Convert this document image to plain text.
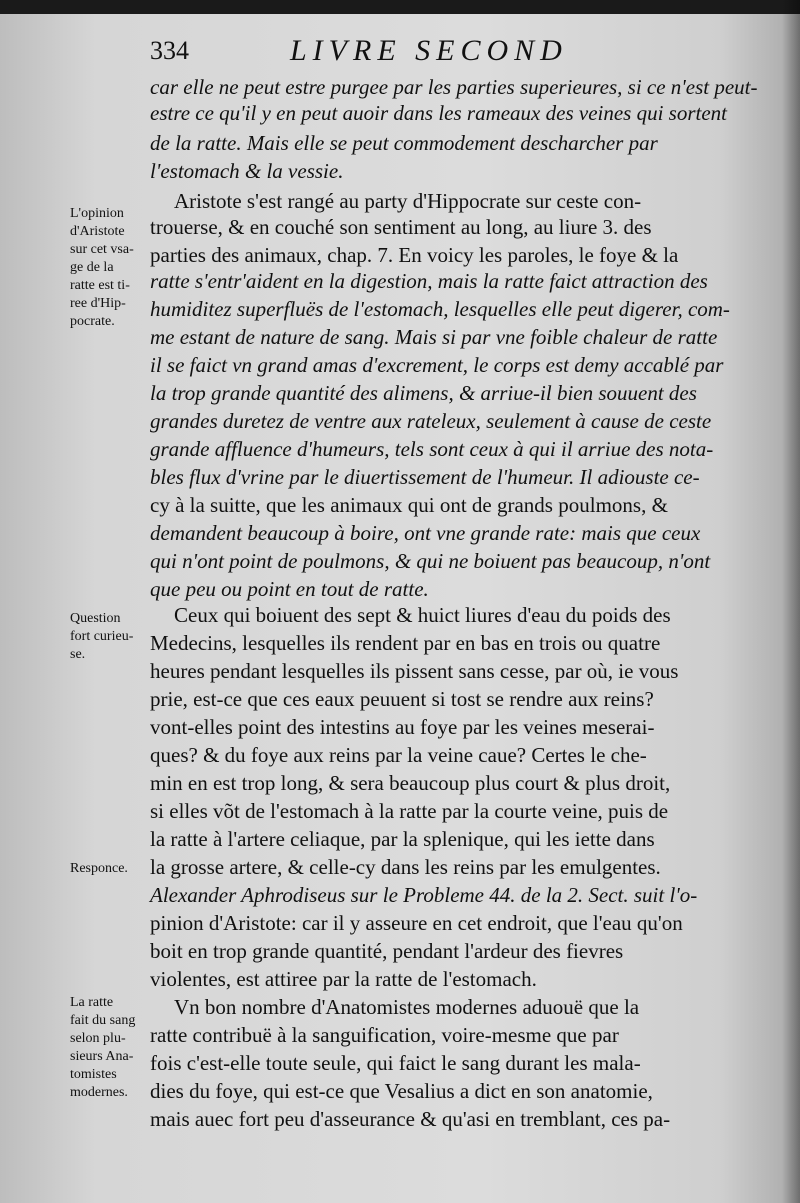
334	LIVRE SECOND
car elle ne peut estre purgee par les parties superieures, si ce n'est peut-
estre ce qu'il y en peut auoir dans les rameaux des veines qui sortent
de la ratte. Mais elle se peut commodement descharcher par
l'estomach & la vessie.
Aristote s'est rangé au party d'Hippocrate sur ceste con-
trouerse, & en couché son sentiment au long, au liure 3. des
parties des animaux, chap. 7. En voicy les paroles, le foye & la
ratte s'entr'aident en la digestion, mais la ratte faict attraction des
humiditez superfluës de l'estomach, lesquelles elle peut digerer, com-
me estant de nature de sang. Mais si par vne foible chaleur de ratte
il se faict vn grand amas d'excrement, le corps est demy accablé par
la trop grande quantité des alimens, & arriue-il bien souuent des
grandes duretez de ventre aux rateleux, seulement à cause de ceste
grande affluence d'humeurs, tels sont ceux à qui il arriue des nota-
bles flux d'vrine par le diuertissement de l'humeur. Il adiouste ce-
cy à la suitte, que les animaux qui ont de grands poulmons, &
demandent beaucoup à boire, ont vne grande rate: mais que ceux
qui n'ont point de poulmons, & qui ne boiuent pas beaucoup, n'ont
que peu ou point en tout de ratte.
Ceux qui boiuent des sept & huict liures d'eau du poids des
Medecins, lesquelles ils rendent par en bas en trois ou quatre
heures pendant lesquelles ils pissent sans cesse, par où, ie vous
prie, est-ce que ces eaux peuuent si tost se rendre aux reins?
vont-elles point des intestins au foye par les veines meserai-
ques? & du foye aux reins par la veine caue? Certes le che-
min en est trop long, & sera beaucoup plus court & plus droit,
si elles võt de l'estomach à la ratte par la courte veine, puis de
la ratte à l'artere celiaque, par la splenique, qui les iette dans
la grosse artere, & celle-cy dans les reins par les emulgentes.
Alexander Aphrodiseus sur le Probleme 44. de la 2. Sect. suit l'o-
pinion d'Aristote: car il y asseure en cet endroit, que l'eau qu'on
boit en trop grande quantité, pendant l'ardeur des fievres
violentes, est attiree par la ratte de l'estomach.
Vn bon nombre d'Anatomistes modernes aduouë que la
ratte contribuë à la sanguification, voire-mesme que par
fois c'est-elle toute seule, qui faict le sang durant les mala-
dies du foye, qui est-ce que Vesalius a dict en son anatomie,
mais auec fort peu d'asseurance & qu'asi en tremblant, ces pa-
L'opinion
d'Aristote
sur cet vsa-
ge de la
ratte est ti-
ree d'Hip-
pocrate.
Question
fort curieu-
se.
Responce.
La ratte
fait du sang
selon plu-
sieurs Ana-
tomistes
modernes.
